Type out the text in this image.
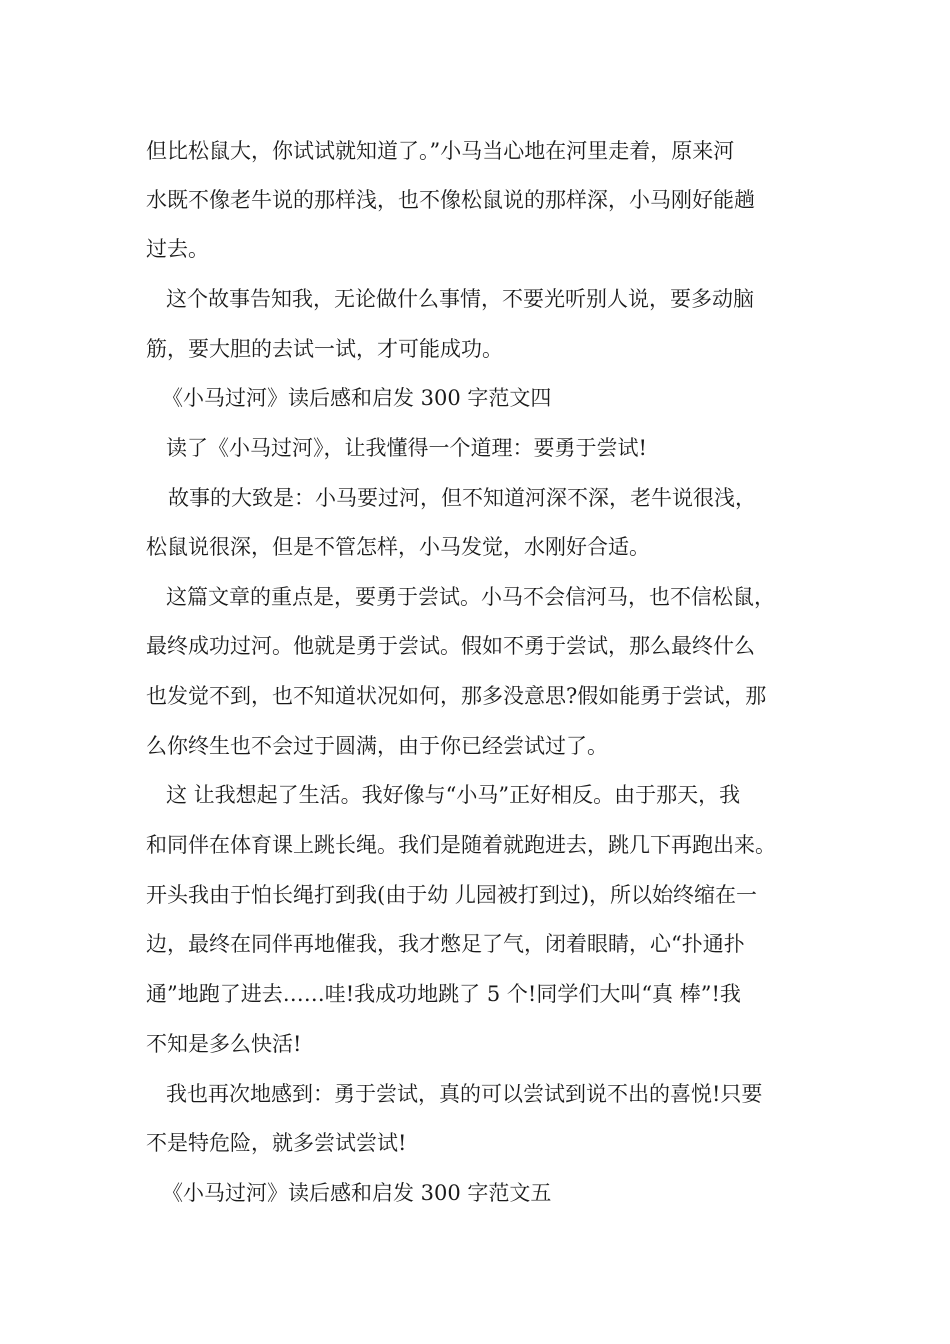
但比松鼠大，你试试就知道了。”小马当心地在河里走着，原来河
水既不像老牛说的那样浅，也不像松鼠说的那样深，小马刚好能趟
过去。
这个故事告知我，无论做什么事情，不要光听别人说，要多动脑
筋，要大胆的去试一试，才可能成功。
《小马过河》读后感和启发 300 字范文四
读了《小马过河》，让我懂得一个道理：要勇于尝试!
故事的大致是：小马要过河，但不知道河深不深，老牛说很浅，
松鼠说很深，但是不管怎样，小马发觉，水刚好合适。
这篇文章的重点是，要勇于尝试。小马不会信河马，也不信松鼠，
最终成功过河。他就是勇于尝试。假如不勇于尝试，那么最终什么
也发觉不到，也不知道状况如何，那多没意思?假如能勇于尝试，那
么你终生也不会过于圆满，由于你已经尝试过了。
这 让我想起了生活。我好像与“小马”正好相反。由于那天，我
和同伴在体育课上跳长绳。我们是随着就跑进去，跳几下再跑出来。
开头我由于怕长绳打到我(由于幼 儿园被打到过)，所以始终缩在一
边，最终在同伴再地催我，我才憋足了气，闭着眼睛，心“扑通扑
通”地跑了进去……哇!我成功地跳了 5 个!同学们大叫“真 棒”!我
不知是多么快活!
我也再次地感到：勇于尝试，真的可以尝试到说不出的喜悦!只要
不是特危险，就多尝试尝试!
《小马过河》读后感和启发 300 字范文五
